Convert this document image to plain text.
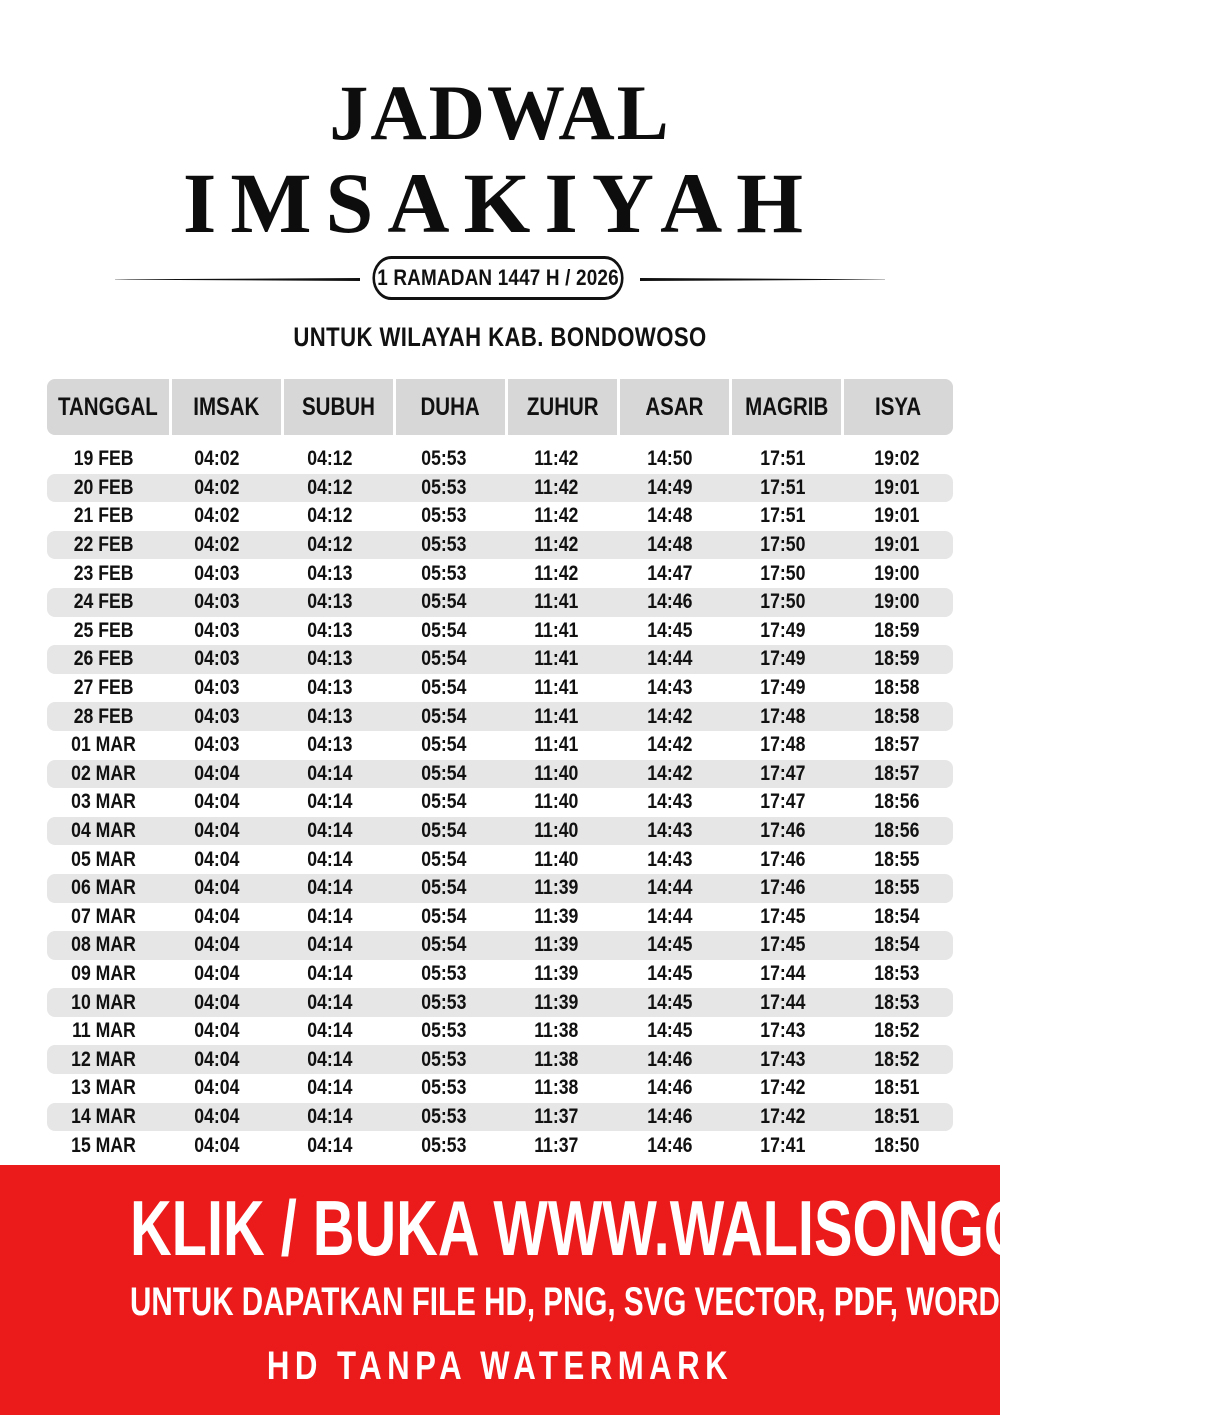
JADWAL
IMSAKIYAH
1 RAMADAN 1447 H / 2026
UNTUK WILAYAH KAB. BONDOWOSO
TANGGAL IMSAK SUBUH DUHA ZUHUR ASAR MAGRIB ISYA
19 FEB	04:02	04:12	05:53	11:42	14:50	17:51	19:02
20 FEB	04:02	04:12	05:53	11:42	14:49	17:51	19:01
21 FEB	04:02	04:12	05:53	11:42	14:48	17:51	19:01
22 FEB	04:02	04:12	05:53	11:42	14:48	17:50	19:01
23 FEB	04:03	04:13	05:53	11:42	14:47	17:50	19:00
24 FEB	04:03	04:13	05:54	11:41	14:46	17:50	19:00
25 FEB	04:03	04:13	05:54	11:41	14:45	17:49	18:59
26 FEB	04:03	04:13	05:54	11:41	14:44	17:49	18:59
27 FEB	04:03	04:13	05:54	11:41	14:43	17:49	18:58
28 FEB	04:03	04:13	05:54	11:41	14:42	17:48	18:58
01 MAR	04:03	04:13	05:54	11:41	14:42	17:48	18:57
02 MAR	04:04	04:14	05:54	11:40	14:42	17:47	18:57
03 MAR	04:04	04:14	05:54	11:40	14:43	17:47	18:56
04 MAR	04:04	04:14	05:54	11:40	14:43	17:46	18:56
05 MAR	04:04	04:14	05:54	11:40	14:43	17:46	18:55
06 MAR	04:04	04:14	05:54	11:39	14:44	17:46	18:55
07 MAR	04:04	04:14	05:54	11:39	14:44	17:45	18:54
08 MAR	04:04	04:14	05:54	11:39	14:45	17:45	18:54
09 MAR	04:04	04:14	05:53	11:39	14:45	17:44	18:53
10 MAR	04:04	04:14	05:53	11:39	14:45	17:44	18:53
11 MAR	04:04	04:14	05:53	11:38	14:45	17:43	18:52
12 MAR	04:04	04:14	05:53	11:38	14:46	17:43	18:52
13 MAR	04:04	04:14	05:53	11:38	14:46	17:42	18:51
14 MAR	04:04	04:14	05:53	11:37	14:46	17:42	18:51
15 MAR	04:04	04:14	05:53	11:37	14:46	17:41	18:50
KLIK / BUKA WWW.WALISONGO.CO.ID
UNTUK DAPATKAN FILE HD, PNG, SVG VECTOR, PDF, WORD, EXCEL
HD TANPA WATERMARK
